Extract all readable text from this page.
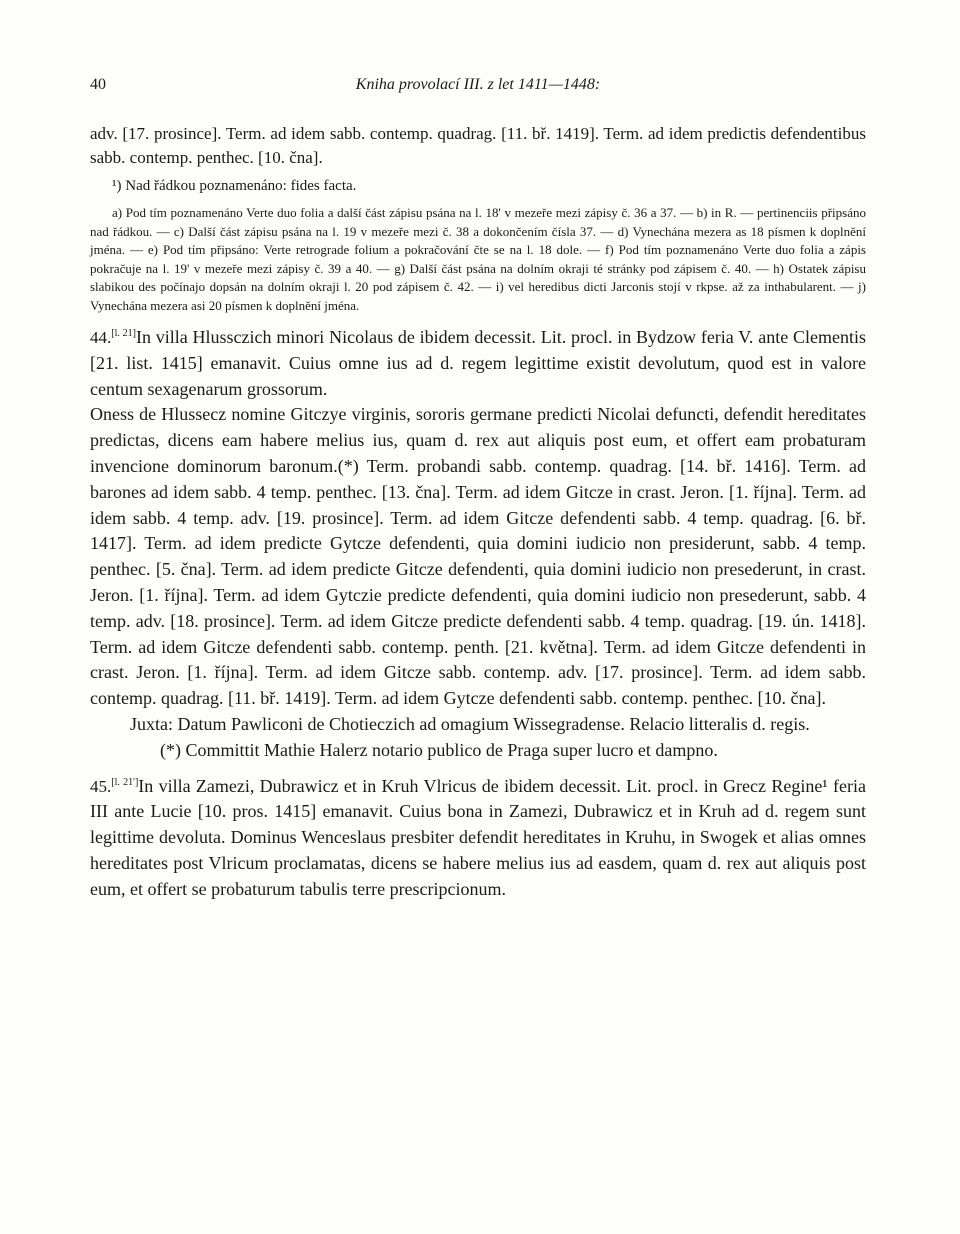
40	Kniha provolací III. z let 1411—1448:
adv. [17. prosince]. Term. ad idem sabb. contemp. quadrag. [11. bř. 1419]. Term. ad idem predictis defendentibus sabb. contemp. penthec. [10. čna].
¹) Nad řádkou poznamenáno: fides facta.
a) Pod tím poznamenáno Verte duo folia a další část zápisu psána na l. 18' v mezeře mezi zápisy č. 36 a 37. — b) in R. — pertinenciis připsáno nad řádkou. — c) Další část zápisu psána na l. 19 v mezeře mezi č. 38 a dokončením čísla 37. — d) Vynechána mezera as 18 písmen k doplnění jména. — e) Pod tím připsáno: Verte retrograde folium a pokračování čte se na l. 18 dole. — f) Pod tím poznamenáno Verte duo folia a zápis pokračuje na l. 19' v mezeře mezi zápisy č. 39 a 40. — g) Další část psána na dolním okraji té stránky pod zápisem č. 40. — h) Ostatek zápisu slabikou des počínajo dopsán na dolním okraji l. 20 pod zápisem č. 42. — i) vel heredibus dicti Jarconis stojí v rkpse. až za inthabularent. — j) Vynechána mezera asi 20 písmen k doplnění jména.

44.[l. 21]In villa Hlussczich minori Nicolaus de ibidem decessit. Lit. procl. in Bydzow feria V. ante Clementis [21. list. 1415] emanavit. Cuius omne ius ad d. regem legittime existit devolutum, quod est in valore centum sexagenarum grossorum.

Oness de Hlussecz nomine Gitczye virginis, sororis germane predicti Nicolai defuncti, defendit hereditates predictas, dicens eam habere melius ius, quam d. rex aut aliquis post eum, et offert eam probaturam invencione dominorum baronum.(*) Term. probandi sabb. contemp. quadrag. [14. bř. 1416]. Term. ad barones ad idem sabb. 4 temp. penthec. [13. čna]. Term. ad idem Gitcze in crast. Jeron. [1. října]. Term. ad idem sabb. 4 temp. adv. [19. prosince]. Term. ad idem Gitcze defendenti sabb. 4 temp. quadrag. [6. bř. 1417]. Term. ad idem predicte Gytcze defendenti, quia domini iudicio non presiderunt, sabb. 4 temp. penthec. [5. čna]. Term. ad idem predicte Gitcze defendenti, quia domini iudicio non presederunt, in crast. Jeron. [1. října]. Term. ad idem Gytczie predicte defendenti, quia domini iudicio non presederunt, sabb. 4 temp. adv. [18. prosince]. Term. ad idem Gitcze predicte defendenti sabb. 4 temp. quadrag. [19. ún. 1418]. Term. ad idem Gitcze defendenti sabb. contemp. penth. [21. května]. Term. ad idem Gitcze defendenti in crast. Jeron. [1. října]. Term. ad idem Gitcze sabb. contemp. adv. [17. prosince]. Term. ad idem sabb. contemp. quadrag. [11. bř. 1419]. Term. ad idem Gytcze defendenti sabb. contemp. penthec. [10. čna].

Juxta: Datum Pawliconi de Chotieczich ad omagium Wissegradense. Relacio litteralis d. regis.

(*) Committit Mathie Halerz notario publico de Praga super lucro et dampno.

45.[l. 21']In villa Zamezi, Dubrawicz et in Kruh Vlricus de ibidem decessit. Lit. procl. in Grecz Regine¹ feria III ante Lucie [10. pros. 1415] emanavit. Cuius bona in Zamezi, Dubrawicz et in Kruh ad d. regem sunt legittime devoluta. Dominus Wenceslaus presbiter defendit hereditates in Kruhu, in Swogek et alias omnes hereditates post Vlricum proclamatas, dicens se habere melius ius ad easdem, quam d. rex aut aliquis post eum, et offert se probaturum tabulis terre prescripcionum.
